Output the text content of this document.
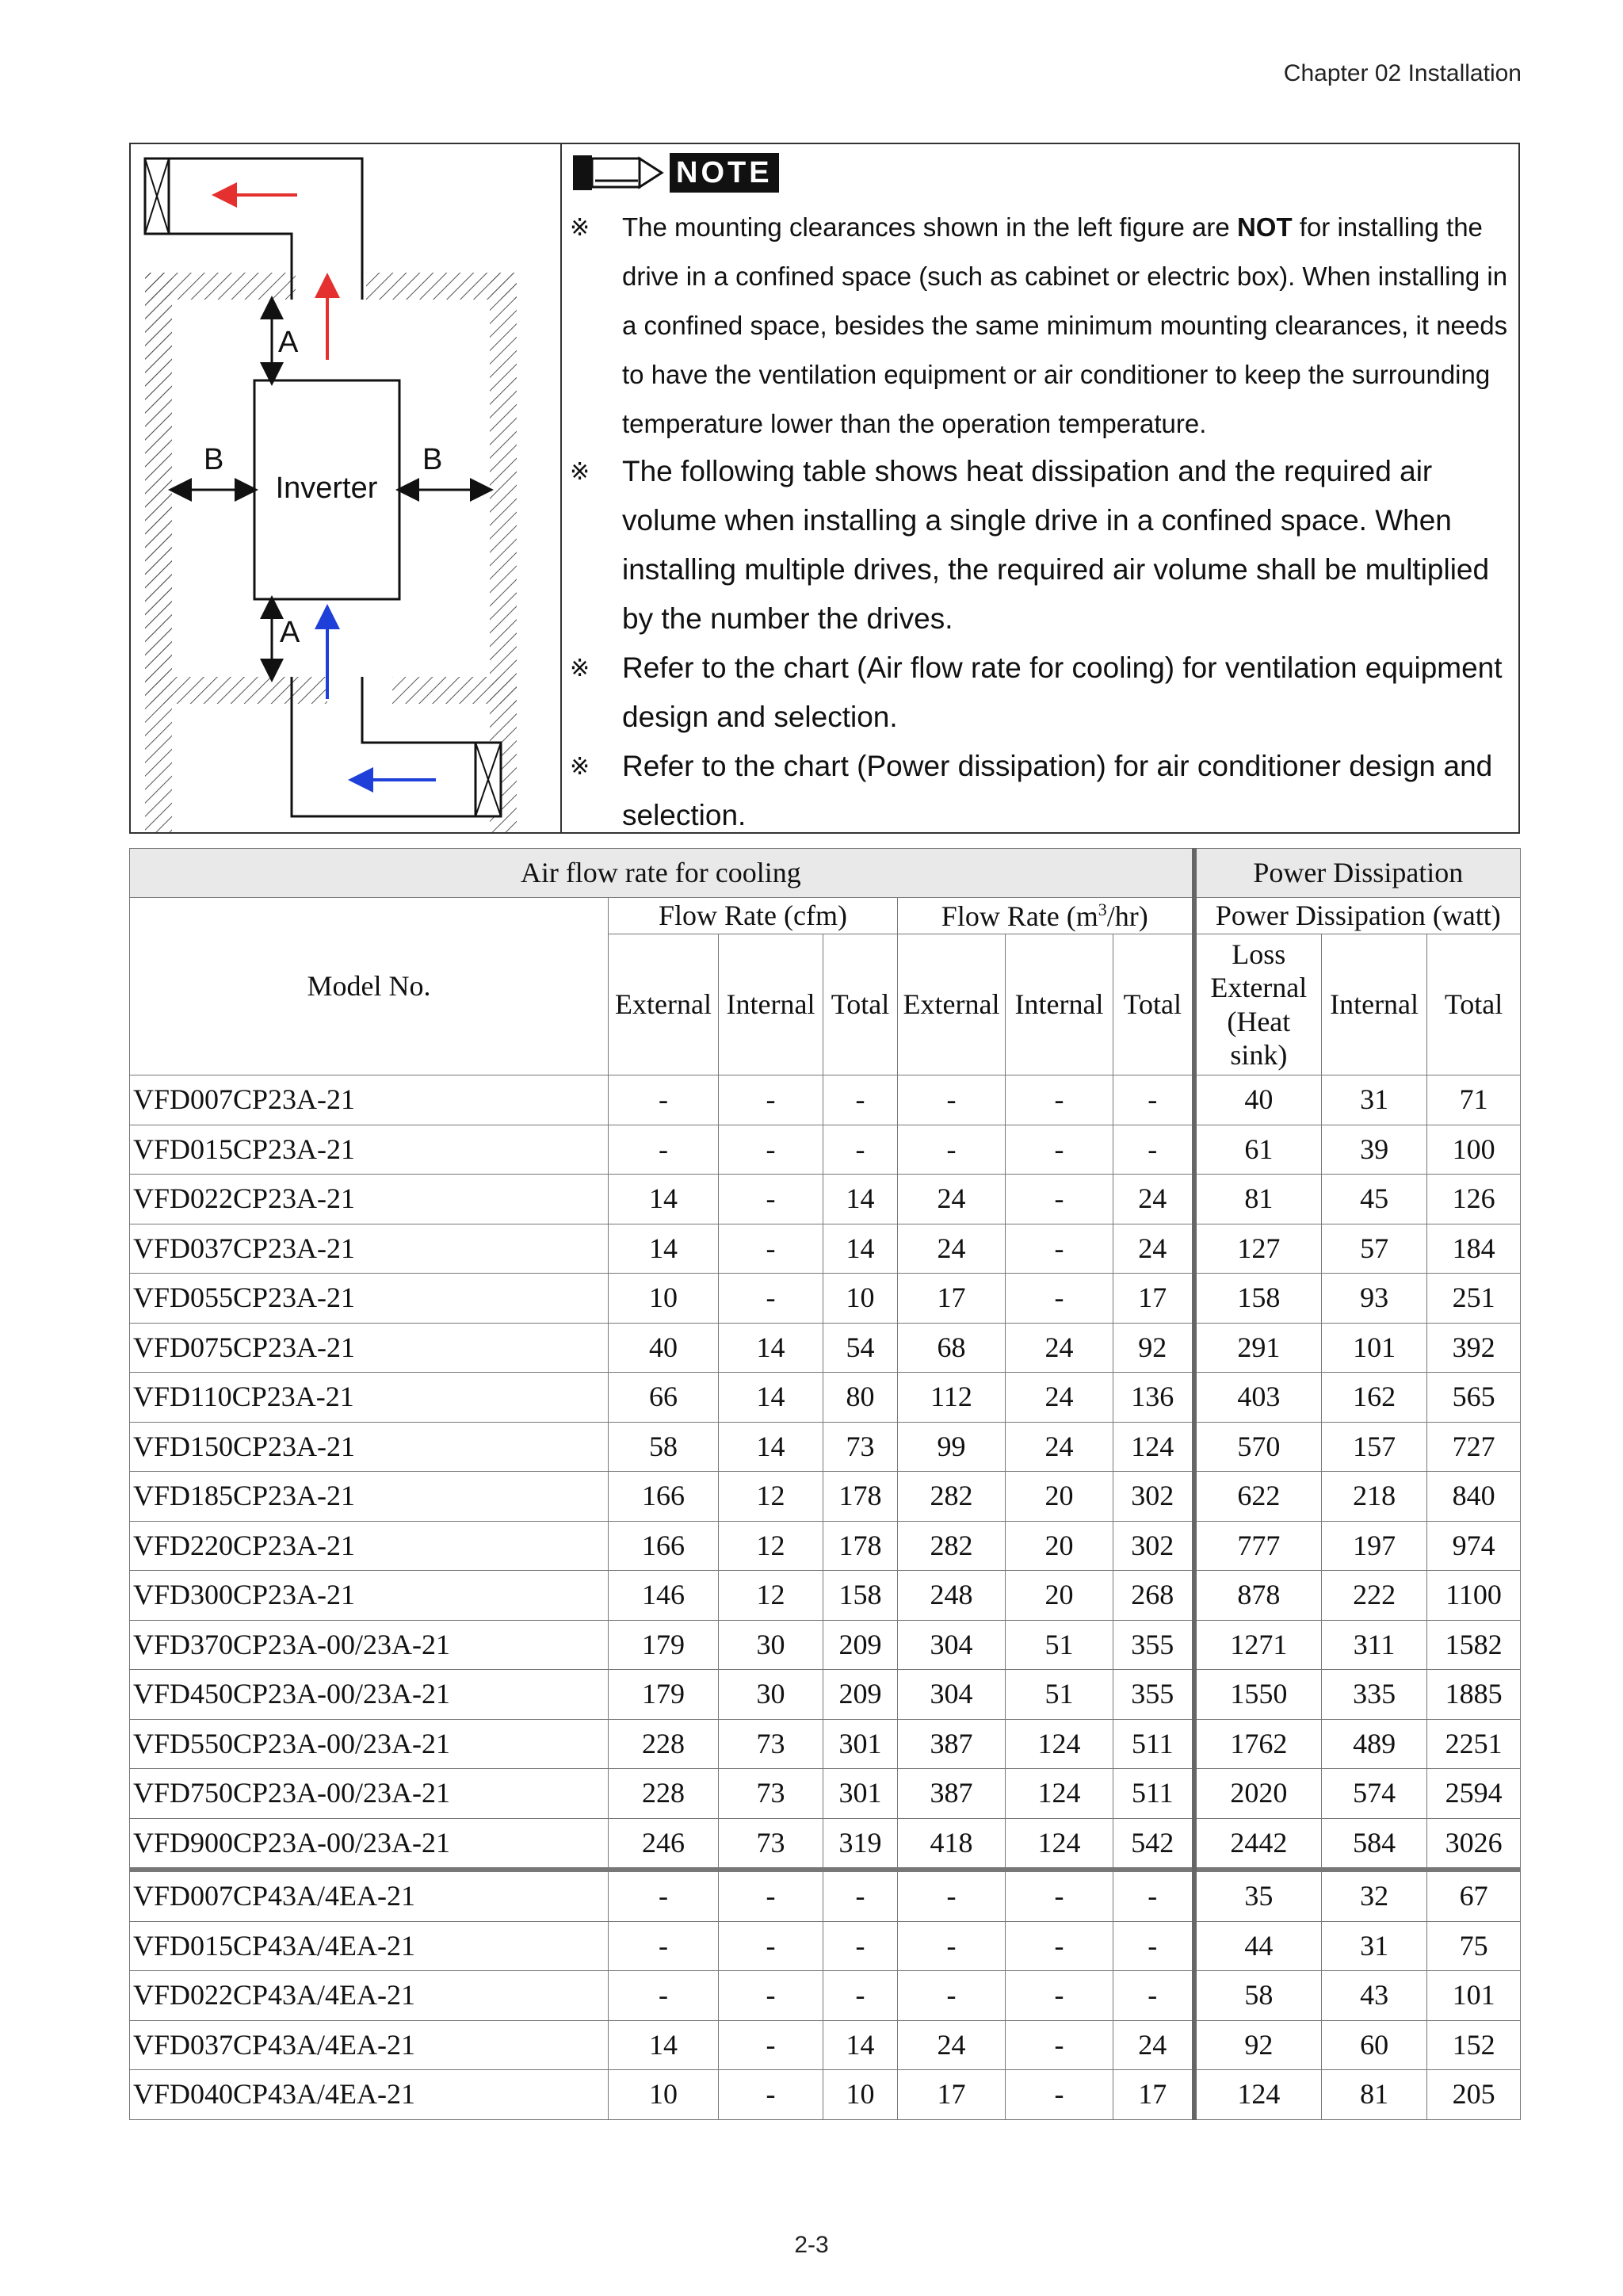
Chapter 02 Installation
Inverter
A
A
B	B
NOTE
※	The mounting clearances shown in the left figure are NOT for installing the drive in a confined space (such as cabinet or electric box). When installing in a confined space, besides the same minimum mounting clearances, it needs to have the ventilation equipment or air conditioner to keep the surrounding temperature lower than the operation temperature.
※	The following table shows heat dissipation and the required air volume when installing a single drive in a confined space. When installing multiple drives, the required air volume shall be multiplied by the number the drives.
※	Refer to the chart (Air flow rate for cooling) for ventilation equipment design and selection.
※	Refer to the chart (Power dissipation) for air conditioner design and selection.
Air flow rate for cooling							Power Dissipation		
Model No.	Flow Rate (cfm)			Flow Rate $(m^3/hr)$			Power Dissipation (watt)		
	External	Internal	Total	External	Internal	Total	Loss External (Heat sink)	Internal	Total
VFD007CP23A-21	-	-	-	-	-	-	40	31	71
VFD015CP23A-21	-	-	-	-	-	-	61	39	100
VFD022CP23A-21	14	-	14	24	-	24	81	45	126
VFD037CP23A-21	14	-	14	24	-	24	127	57	184
VFD055CP23A-21	10	-	10	17	-	17	158	93	251
VFD075CP23A-21	40	14	54	68	24	92	291	101	392
VFD110CP23A-21	66	14	80	112	24	136	403	162	565
VFD150CP23A-21	58	14	73	99	24	124	570	157	727
VFD185CP23A-21	166	12	178	282	20	302	622	218	840
VFD220CP23A-21	166	12	178	282	20	302	777	197	974
VFD300CP23A-21	146	12	158	248	20	268	878	222	1100
VFD370CP23A-00/23A-21	179	30	209	304	51	355	1271	311	1582
VFD450CP23A-00/23A-21	179	30	209	304	51	355	1550	335	1885
VFD550CP23A-00/23A-21	228	73	301	387	124	511	1762	489	2251
VFD750CP23A-00/23A-21	228	73	301	387	124	511	2020	574	2594
VFD900CP23A-00/23A-21	246	73	319	418	124	542	2442	584	3026
VFD007CP43A/4EA-21	-	-	-	-	-	-	35	32	67
VFD015CP43A/4EA-21	-	-	-	-	-	-	44	31	75
VFD022CP43A/4EA-21	-	-	-	-	-	-	58	43	101
VFD037CP43A/4EA-21	14	-	14	24	-	24	92	60	152
VFD040CP43A/4EA-21	10	-	10	17	-	17	124	81	205
2-3
